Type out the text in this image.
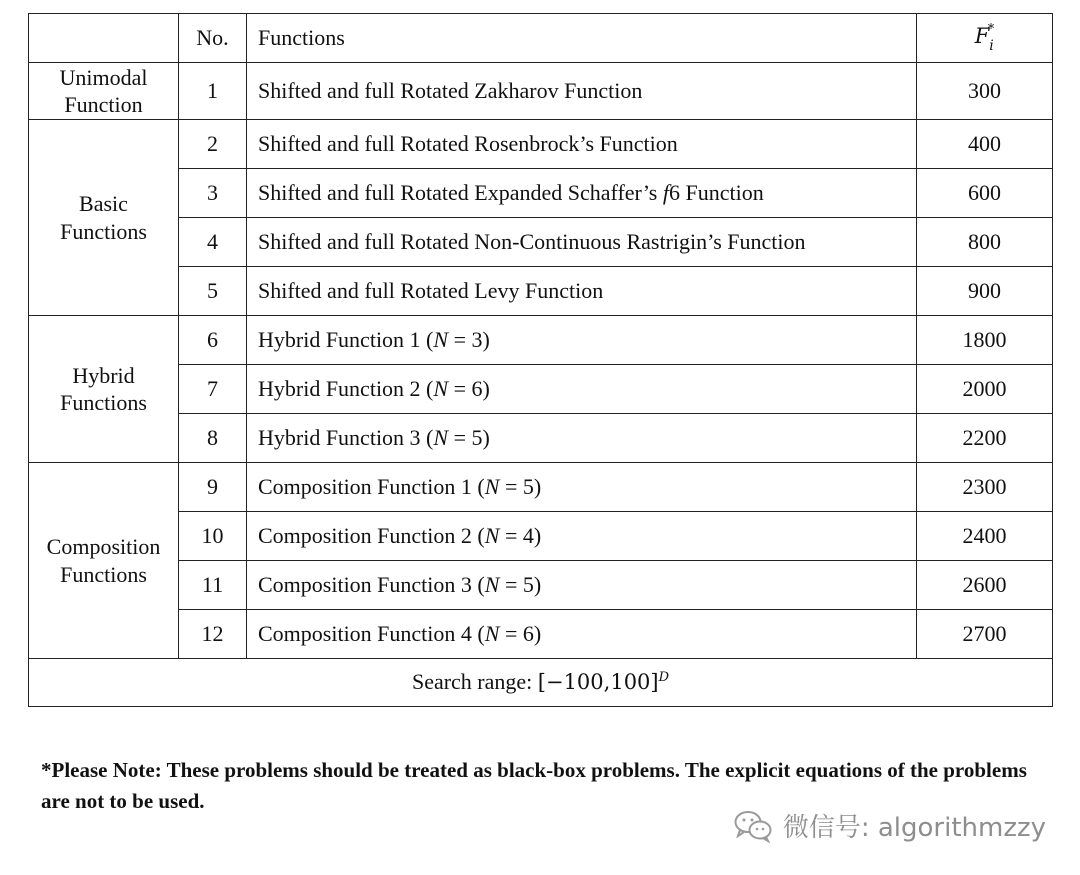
	No.	Functions	$F_i^*$

Unimodal Function	1	Shifted and full Rotated Zakharov Function	300

Basic Functions	2	Shifted and full Rotated Rosenbrock’s Function	400
	3	Shifted and full Rotated Expanded Schaffer’s f6 Function	600
	4	Shifted and full Rotated Non-Continuous Rastrigin’s Function	800
	5	Shifted and full Rotated Levy Function	900

Hybrid Functions	6	Hybrid Function 1 (N = 3)	1800
	7	Hybrid Function 2 (N = 6)	2000
	8	Hybrid Function 3 (N = 5)	2200

Composition Functions	9	Composition Function 1 (N = 5)	2300
	10	Composition Function 2 (N = 4)	2400
	11	Composition Function 3 (N = 5)	2600
	12	Composition Function 4 (N = 6)	2700
Search range: $[-100,100]^D$

*Please Note: These problems should be treated as black-box problems. The explicit equations of the problems are not to be used.

微信号: algorithmzzy
